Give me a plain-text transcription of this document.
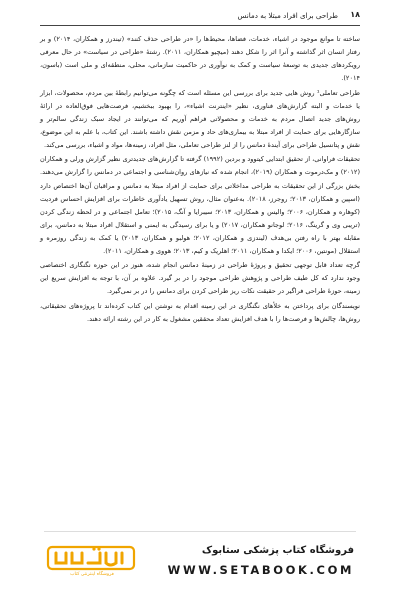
۱۸
طراحی برای افراد مبتلا به دمانس

ساخته تا موانع موجود در اشیاء، خدمات، فضاها، محیط‌ها را «در طراحی حذف کنند» (تیندرز و همکاران، ۲۰۱۴) و بر رفتار انسان اثر گذاشته و آنرا اثر را شکل دهند (میچیو همکاران، ۲۰۱۱). رشتهٔ «طراحی در سیاست» در حال معرفی رویکردهای جدیدی به توسعهٔ سیاست و کمک به نوآوری در حاکمیت سازمانی، محلی، منطقه‌ای و ملی است (باسون، ۲۰۱۴).

طراحی تعاملی¹ روش هایی جدید برای بررسی این مسئله است که چگونه می‌توانیم رابطهٔ بین مردم، محصولات، ابزار یا خدمات و البته گزارش‌های فناوری، نظیر «اینترنت اشیاء»، را بهبود ببخشیم، فرصت‌هایی فوق‌العاده در ارائهٔ روش‌های جدید اتصال مردم به خدمات و محصولاتی فراهم آوریم که می‌توانند در ایجاد سبک زندگی سالم‌تر و سازگارهایی برای حمایت از افراد مبتلا به بیماری‌های حاد و مزمن نقش داشته باشند. این کتاب، با علم به این موضوع، نقش و پتانسیل طراحی برای آیندهٔ دمانس را از لنز طراحی تعاملی، مثل افراد، زمینه‌ها، مواد و اشیاء، بررسی می‌کند.

تحقیقات فراوانی، از تحقیق ابتدایی کیتوود و بردین (۱۹۹۲) گرفته تا گزارش‌های جدیدتری نظیر گزارش ورلی و همکاران (۲۰۱۲) و مک‌درموت و همکاران (۲۰۱۹)، انجام شده که نیازهای روان‌شناسی و اجتماعی در دمانس را گزارش می‌دهند. بخش بزرگی از این تحقیقات به طراحی مداخلاتی برای حمایت از افراد مبتلا به دمانس و مراقبان آن‌ها اختصاص دارد (اسپین و همکاران، ۲۰۱۳؛ روجرز، ۲۰۱۸). به‌عنوان مثال، روش تسهیل یادآوری خاطرات برای افزایش احساس فردیت (کوهاره و همکاران، ۲۰۰۶؛ والیس و همکاران، ۲۰۱۳؛ سیبرایا و آنگ، ۲۰۱۵)؛ تعامل اجتماعی و در لحظه زندگی کردن (تریبی وی و گرینگ، ۲۰۱۶؛ لوجانو همکاران، ۲۰۱۷) و یا برای رسیدگی به ایمنی و استقلال افراد مبتلا به دمانس، برای مقابله بهتر با راه رفتن بی‌هدف (لیندزی و همکاران، ۲۰۱۲؛ هولبو و همکاران، ۲۰۱۳) یا کمک به زندگی روزمره و استقلال (مونتین، ۲۰۰۶؛ ایکدا و همکاران، ۲۰۱۱؛ اهلریک و کیم، ۲۰۱۳؛ هووی و همکاران، ۲۰۱۱).

گرچه تعداد قابل توجهی تحقیق و پروژهٔ طراحی در زمینهٔ دمانس انجام شده، هنوز در این حوزه نگنگاری اختصاصی وجود ندارد که کل طیف طراحی و پژوهش طراحی موجود را در بر گیرد. علاوه بر آن، با توجه به افزایش سریع این زمینه، حوزهٔ طراحی فراگیر در حقیقت نکات ریز طراحی کردن برای دمانس را در بر نمی‌گیرد.

نویسندگان برای پرداختن به خلأهای نگنگاری در این زمینه اقدام به نوشتن این کتاب کرده‌اند تا پروژه‌های تحقیقاتی، روش‌ها، چالش‌ها و فرصت‌ها را با هدف افزایش تعداد محققین مشغول به کار در این رشته ارائه دهند.

فروشگاه اینترنتی کتاب
فروشگاه کتاب پزشکی ستابوک
WWW.SETABOOK.COM
